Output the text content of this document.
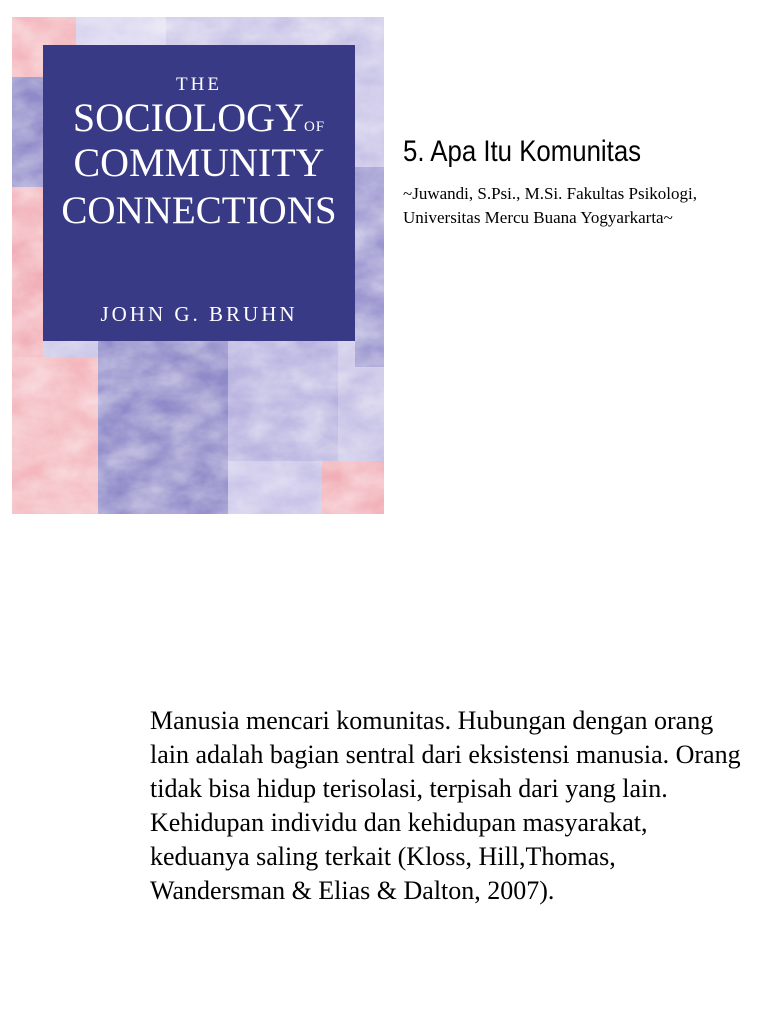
THE
SOCIOLOGYOF
COMMUNITY
CONNECTIONS
JOHN G. BRUHN
5. Apa Itu Komunitas
~Juwandi, S.Psi., M.Si. Fakultas Psikologi, Universitas Mercu Buana Yogyarkarta~
Manusia mencari komunitas. Hubungan dengan orang lain adalah bagian sentral dari eksistensi manusia. Orang tidak bisa hidup terisolasi, terpisah dari yang lain. Kehidupan individu dan kehidupan masyarakat, keduanya saling terkait (Kloss, Hill,Thomas, Wandersman & Elias & Dalton, 2007).
